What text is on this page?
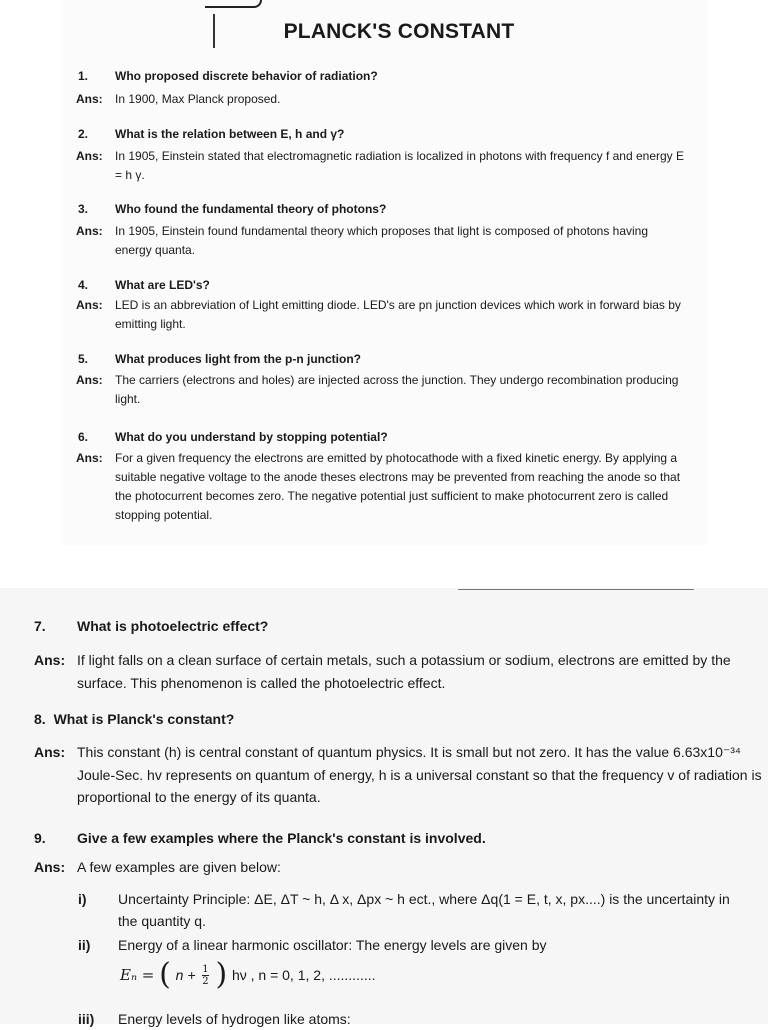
PLANCK'S CONSTANT
1. Who proposed discrete behavior of radiation?
Ans: In 1900, Max Planck proposed.
2. What is the relation between E, h and γ?
Ans: In 1905, Einstein stated that electromagnetic radiation is localized in photons with frequency f and energy E = h γ.
3. Who found the fundamental theory of photons?
Ans: In 1905, Einstein found fundamental theory which proposes that light is composed of photons having energy quanta.
4. What are LED's?
Ans: LED is an abbreviation of Light emitting diode. LED's are pn junction devices which work in forward bias by emitting light.
5. What produces light from the p-n junction?
Ans: The carriers (electrons and holes) are injected across the junction. They undergo recombination producing light.
6. What do you understand by stopping potential?
Ans: For a given frequency the electrons are emitted by photocathode with a fixed kinetic energy. By applying a suitable negative voltage to the anode theses electrons may be prevented from reaching the anode so that the photocurrent becomes zero. The negative potential just sufficient to make photocurrent zero is called stopping potential.
7. What is photoelectric effect?
Ans: If light falls on a clean surface of certain metals, such a potassium or sodium, electrons are emitted by the surface. This phenomenon is called the photoelectric effect.
8. What is Planck's constant?
Ans: This constant (h) is central constant of quantum physics. It is small but not zero. It has the value 6.63x10⁻³⁴ Joule-Sec. hv represents on quantum of energy, h is a universal constant so that the frequency v of radiation is proportional to the energy of its quanta.
9. Give a few examples where the Planck's constant is involved.
Ans: A few examples are given below:
i) Uncertainty Principle: ΔE, ΔT ~ h, Δ x, Δpx ~ h ect., where Δq(1 = E, t, x, px....) is the uncertainty in the quantity q.
ii) Energy of a linear harmonic oscillator: The energy levels are given by
Eₙ = ( $n + \frac{1}{2}$ ) hν , n = 0, 1, 2, ............
iii) Energy levels of hydrogen like atoms:
